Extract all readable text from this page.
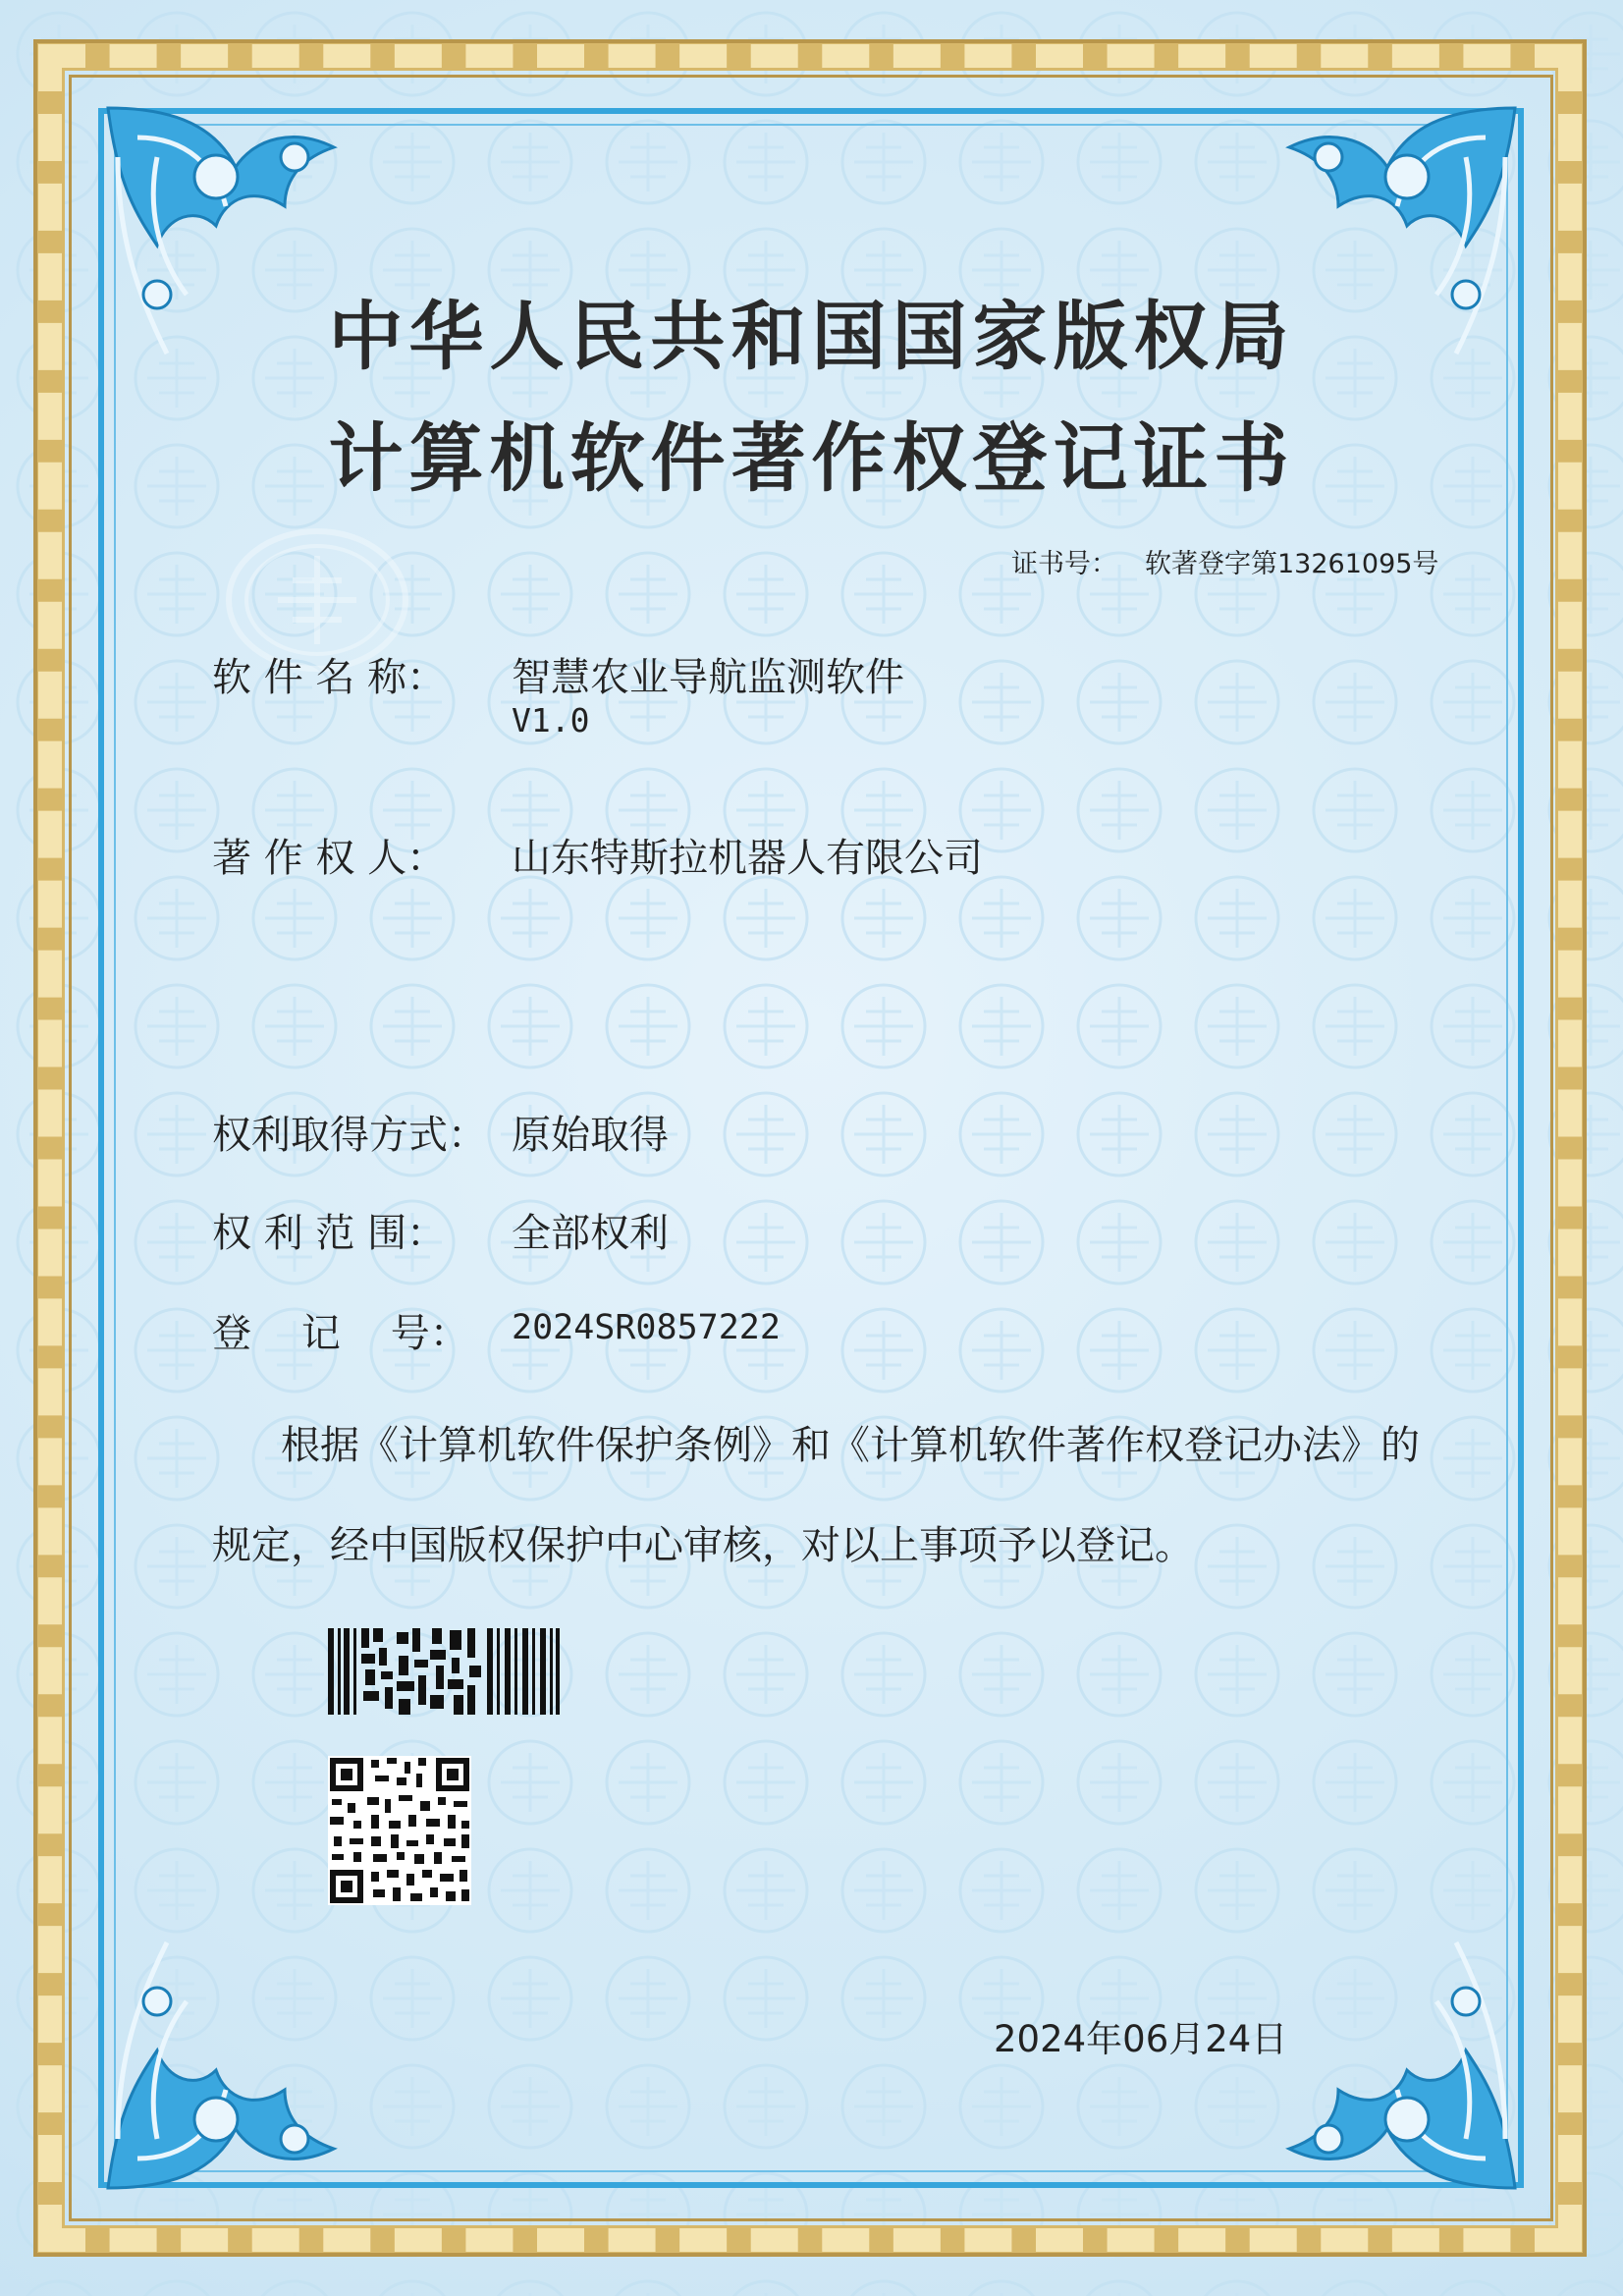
中华人民共和国国家版权局
计算机软件著作权登记证书
证书号： 软著登字第13261095号
软 件 名 称： 智慧农业导航监测软件
V1.0
著 作 权 人： 山东特斯拉机器人有限公司
权利取得方式： 原始取得
权 利 范 围： 全部权利
登    记    号： 2024SR0857222
根据《计算机软件保护条例》和《计算机软件著作权登记办法》的
规定，经中国版权保护中心审核，对以上事项予以登记。
2024年06月24日
